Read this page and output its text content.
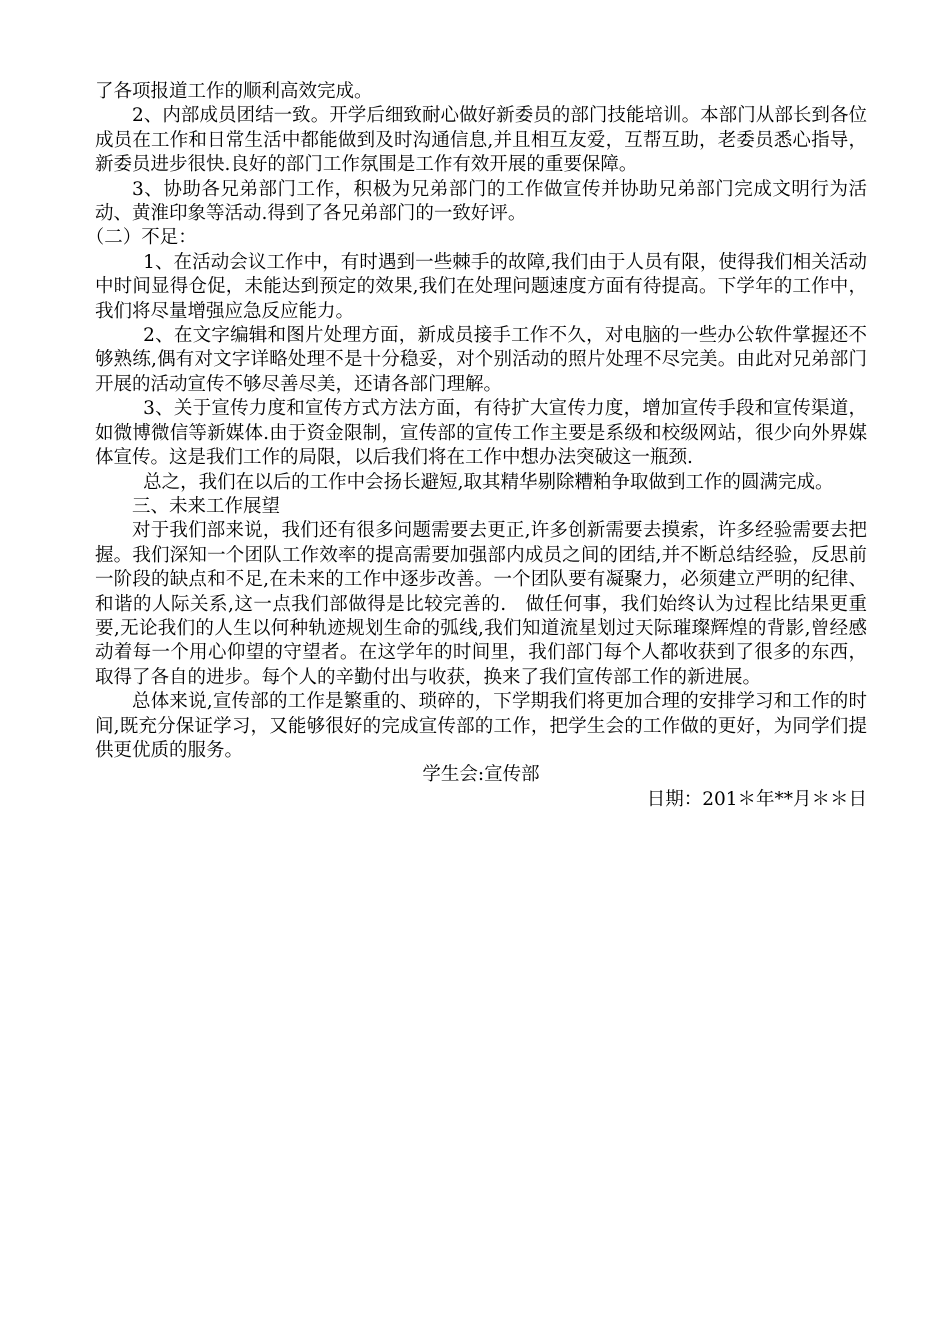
了各项报道工作的顺利高效完成。

2、内部成员团结一致。开学后细致耐心做好新委员的部门技能培训。本部门从部长到各位成员在工作和日常生活中都能做到及时沟通信息,并且相互友爱，互帮互助，老委员悉心指导，新委员进步很快.良好的部门工作氛围是工作有效开展的重要保障。

3、协助各兄弟部门工作，积极为兄弟部门的工作做宣传并协助兄弟部门完成文明行为活动、黄淮印象等活动.得到了各兄弟部门的一致好评。

（二）不足：

1、在活动会议工作中，有时遇到一些棘手的故障,我们由于人员有限，使得我们相关活动中时间显得仓促，未能达到预定的效果,我们在处理问题速度方面有待提高。下学年的工作中，我们将尽量增强应急反应能力。

2、在文字编辑和图片处理方面，新成员接手工作不久，对电脑的一些办公软件掌握还不够熟练,偶有对文字详略处理不是十分稳妥，对个别活动的照片处理不尽完美。由此对兄弟部门开展的活动宣传不够尽善尽美，还请各部门理解。

3、关于宣传力度和宣传方式方法方面，有待扩大宣传力度，增加宣传手段和宣传渠道，如微博微信等新媒体.由于资金限制，宣传部的宣传工作主要是系级和校级网站，很少向外界媒体宣传。这是我们工作的局限，以后我们将在工作中想办法突破这一瓶颈.

总之，我们在以后的工作中会扬长避短,取其精华剔除糟粕争取做到工作的圆满完成。

三、未来工作展望

对于我们部来说，我们还有很多问题需要去更正,许多创新需要去摸索，许多经验需要去把握。我们深知一个团队工作效率的提高需要加强部内成员之间的团结,并不断总结经验，反思前一阶段的缺点和不足,在未来的工作中逐步改善。一个团队要有凝聚力，必须建立严明的纪律、和谐的人际关系,这一点我们部做得是比较完善的.　做任何事，我们始终认为过程比结果更重要,无论我们的人生以何种轨迹规划生命的弧线,我们知道流星划过天际璀璨辉煌的背影,曾经感动着每一个用心仰望的守望者。在这学年的时间里，我们部门每个人都收获到了很多的东西，取得了各自的进步。每个人的辛勤付出与收获，换来了我们宣传部工作的新进展。

总体来说,宣传部的工作是繁重的、琐碎的，下学期我们将更加合理的安排学习和工作的时间,既充分保证学习，又能够很好的完成宣传部的工作，把学生会的工作做的更好，为同学们提供更优质的服务。

学生会:宣传部

日期：201＊年**月＊＊日
